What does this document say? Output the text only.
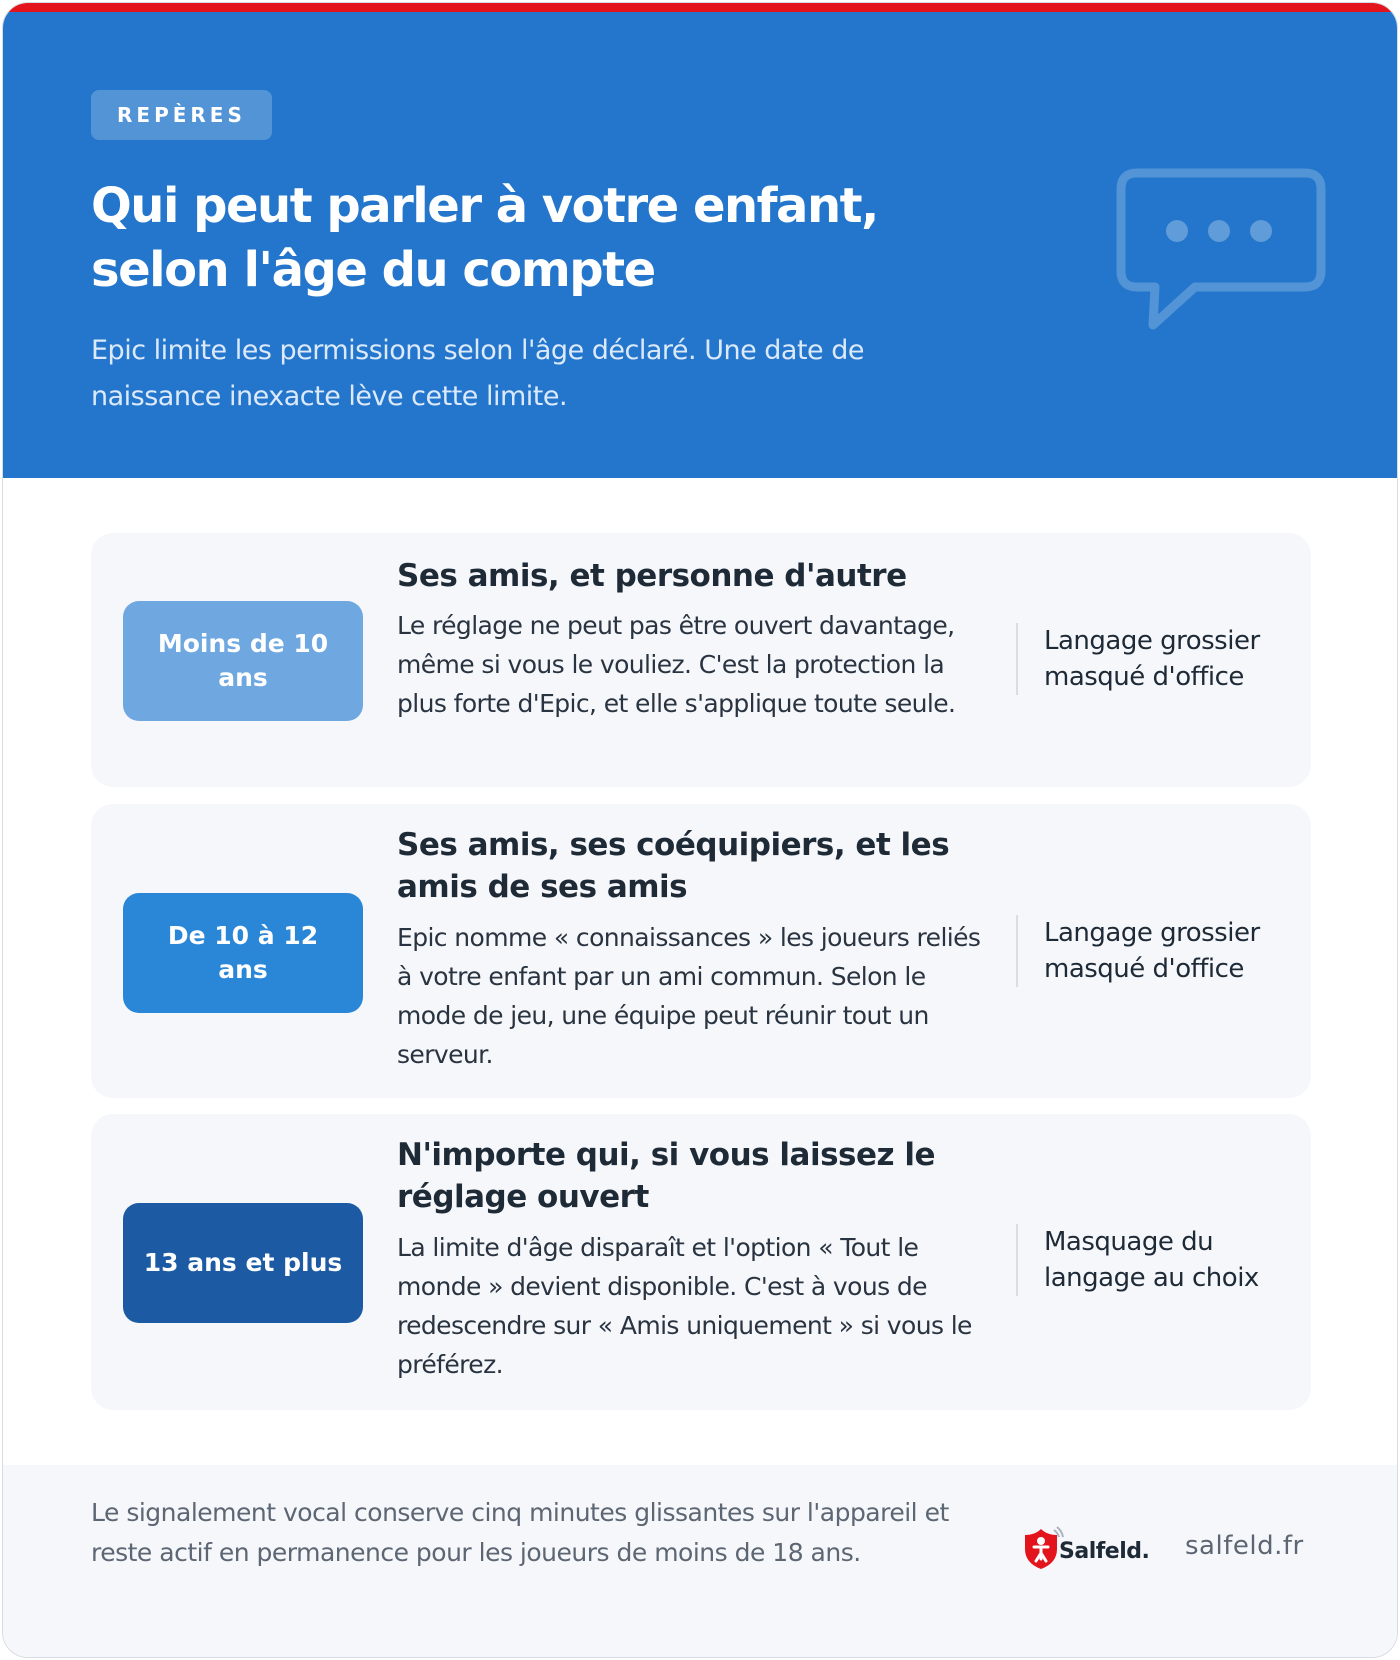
REPÈRES
Qui peut parler à votre enfant, selon l'âge du compte

Epic limite les permissions selon l'âge déclaré. Une date de naissance inexacte lève cette limite.

Moins de 10 ans
Ses amis, et personne d'autre
Le réglage ne peut pas être ouvert davantage, même si vous le vouliez. C'est la protection la plus forte d'Epic, et elle s'applique toute seule.
Langage grossier masqué d'office
De 10 à 12 ans
Ses amis, ses coéquipiers, et les amis de ses amis
Epic nomme « connaissances » les joueurs reliés à votre enfant par un ami commun. Selon le mode de jeu, une équipe peut réunir tout un serveur.
Langage grossier masqué d'office
13 ans et plus
N'importe qui, si vous laissez le réglage ouvert
La limite d'âge disparaît et l'option « Tout le monde » devient disponible. C'est à vous de redescendre sur « Amis uniquement » si vous le préférez.
Masquage du langage au choix

Le signalement vocal conserve cinq minutes glissantes sur l'appareil et reste actif en permanence pour les joueurs de moins de 18 ans.	Salfeld. salfeld.fr
